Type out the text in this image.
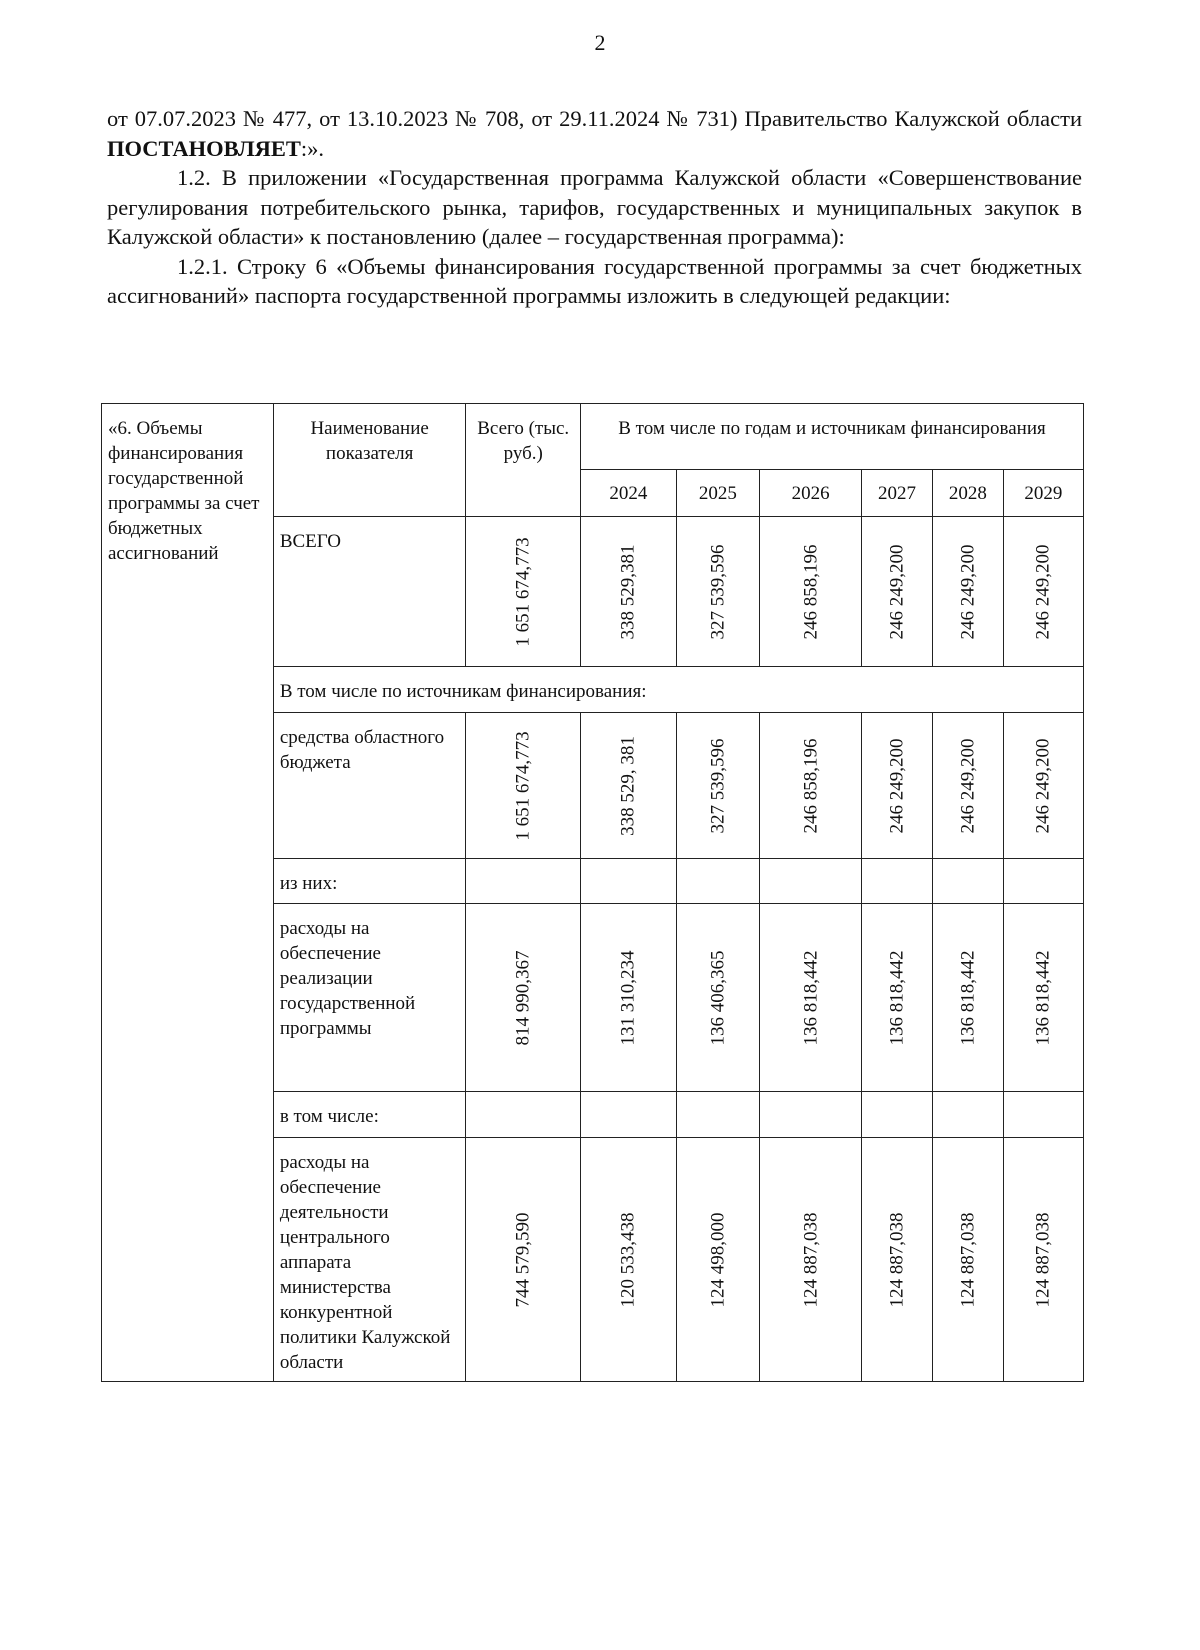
2

от 07.07.2023 № 477, от 13.10.2023 № 708, от 29.11.2024 № 731) Правительство Калужской области ПОСТАНОВЛЯЕТ:».

1.2. В приложении «Государственная программа Калужской области «Совершенствование регулирования потребительского рынка, тарифов, государственных и муниципальных закупок в Калужской области» к постановлению (далее – государственная программа):

1.2.1. Строку 6 «Объемы финансирования государственной программы за счет бюджетных ассигнований» паспорта государственной программы изложить в следующей редакции:

«6. Объемы финансирования государственной программы за счет бюджетных ассигнований	Наименование показателя	Всего (тыс. руб.)	В том числе по годам и источникам финансирования					
			2024	2025	2026	2027	2028	2029
	ВСЕГО	1 651 674,773	338 529,381	327 539,596	246 858,196	246 249,200	246 249,200	246 249,200

	В том числе по источникам финансирования:							
	средства областного бюджета	1 651 674,773	338 529, 381	327 539,596	246 858,196	246 249,200	246 249,200	246 249,200

	из них:							
	расходы на обеспечение реализации государственной программы	814 990,367	131 310,234	136 406,365	136 818,442	136 818,442	136 818,442	136 818,442

	в том числе:							
	расходы на обеспечение деятельности центрального аппарата министерства конкурентной политики Калужской области	744 579,590	120 533,438	124 498,000	124 887,038	124 887,038	124 887,038	124 887,038
